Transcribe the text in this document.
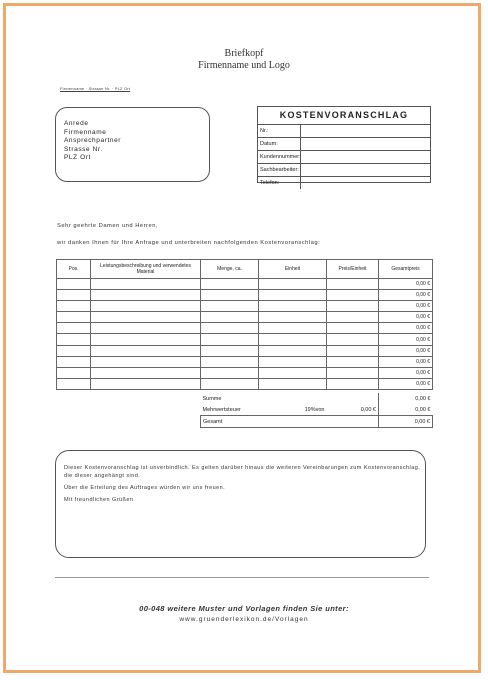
Briefkopf
Firmenname und Logo
Firmenname · Strasse Nr. · PLZ Ort
Anrede
Firmenname
Ansprechpartner
Strasse Nr.
PLZ Ort
KOSTENVORANSCHLAG
Nr.:
Datum:
Kundennummer:
Sachbearbeiter:
Telefon:
Sehr geehrte Damen und Herren,
wir danken Ihnen für Ihre Anfrage und unterbreiten nachfolgenden Kostenvoranschlag:
Pos.	Leistungsbeschreibung und verwendetes Material	Menge, ca.	Einheit	Preis/Einheit	Gesamtpreis
					0,00 €
					0,00 €
					0,00 €
					0,00 €
					0,00 €
					0,00 €
					0,00 €
					0,00 €
					0,00 €
					0,00 €
Summe			0,00 €
Mehrwertsteuer	19%von	0,00 €	0,00 €
Gesamt			0,00 €

Dieser Kostenvoranschlag ist unverbindlich. Es gelten darüber hinaus die weiteren Vereinbarungen zum Kostenvoranschlag, die dieser angehängt sind.

Über die Erteilung des Auftrages würden wir uns freuen.

Mit freundlichen Grüßen

00-048 weitere Muster und Vorlagen finden Sie unter:
www.gruenderlexikon.de/Vorlagen
